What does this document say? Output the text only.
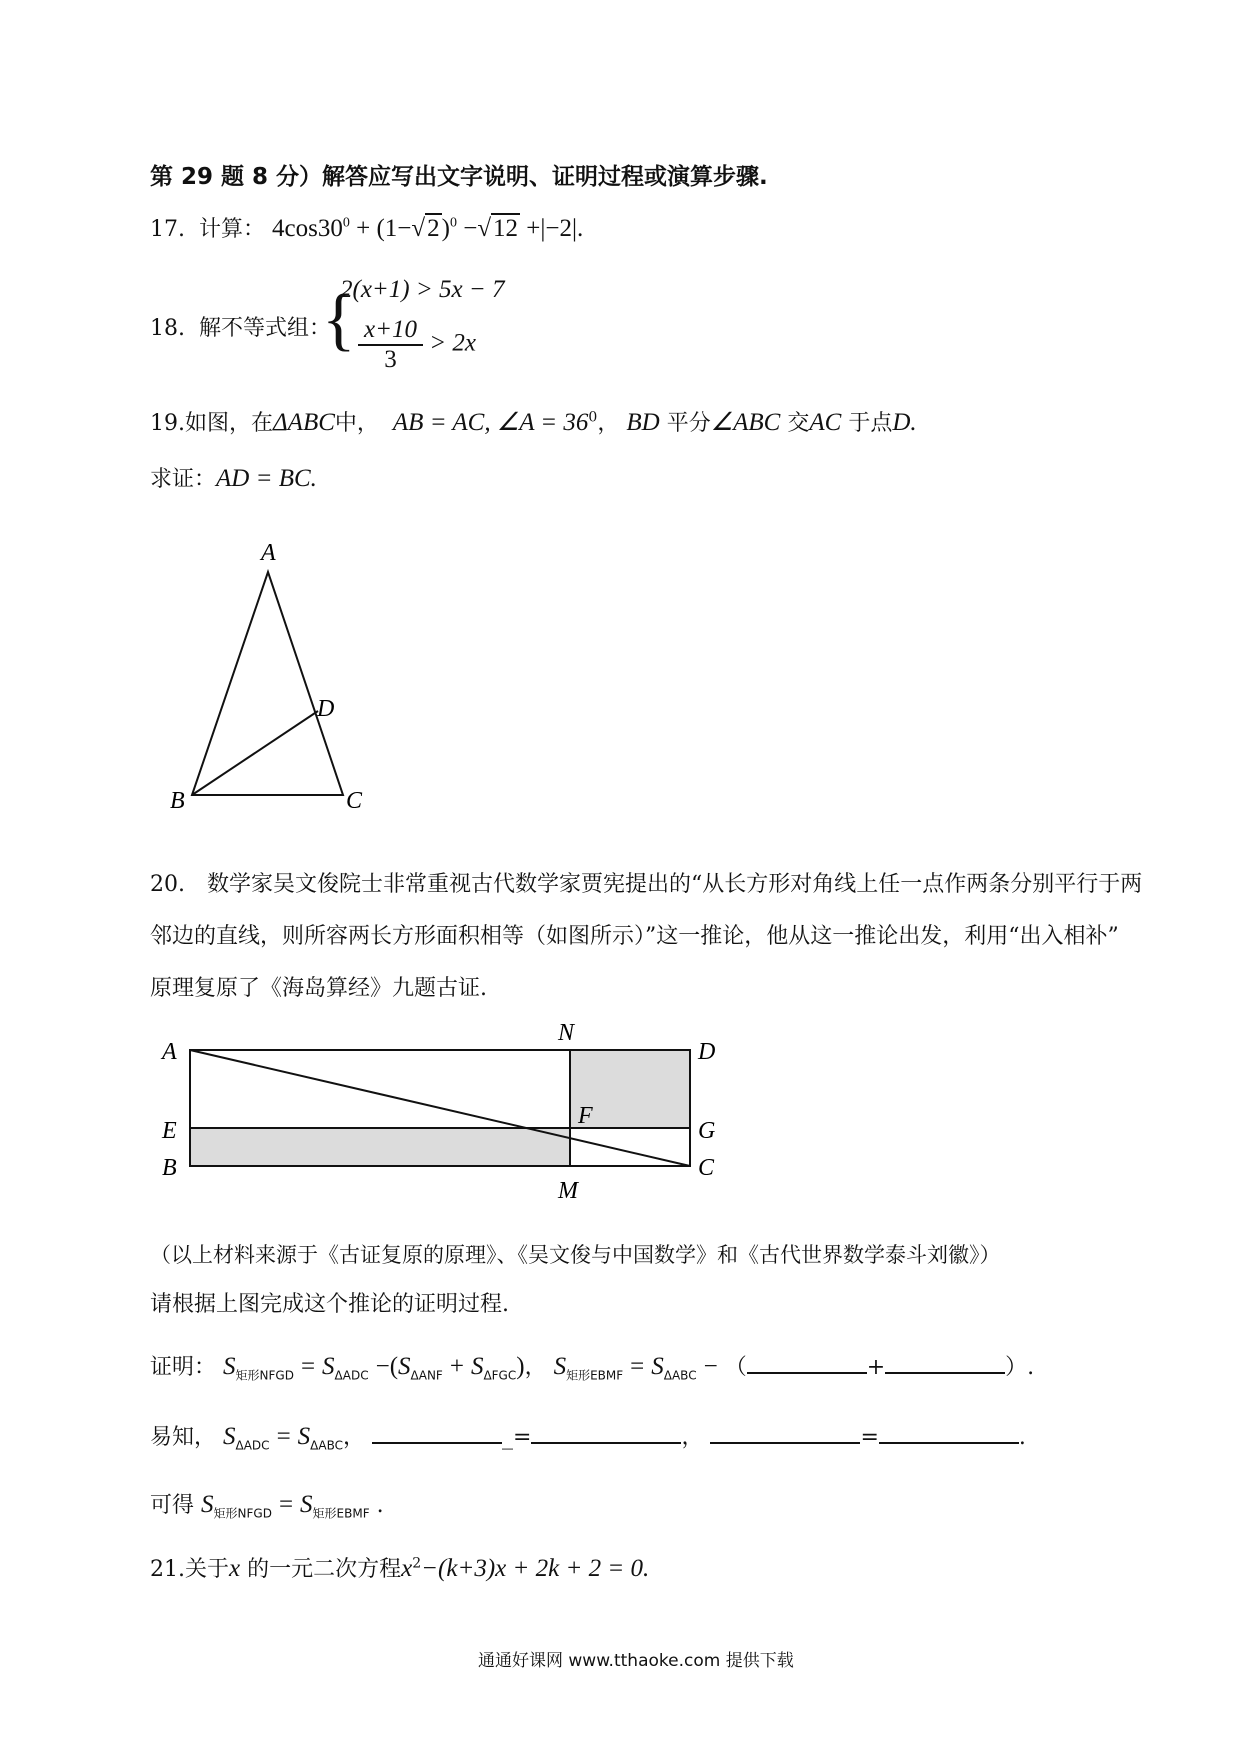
第 29 题 8 分）解答应写出文字说明、证明过程或演算步骤.
17. 计算： $4\cos 30^0 + (1-√2)^0 -√12 +|-2|$.
18. 解不等式组：
{
2(x+1) > 5x − 7
$\frac{x+10}{3} > 2x$
19.如图，在ΔABC中， AB = AC, ∠A = $36^0$， BD 平分∠ABC 交AC 于点D.
求证：AD = BC.
A
B	C
D
20.　数学家吴文俊院士非常重视古代数学家贾宪提出的“从长方形对角线上任一点作两条分别平行于两
邻边的直线，则所容两长方形面积相等（如图所示）”这一推论，他从这一推论出发，利用“出入相补”
原理复原了《海岛算经》九题古证.
A
N
D
E
F
G
B
M
C
（以上材料来源于《古证复原的原理》、《吴文俊与中国数学》和《古代世界数学泰斗刘徽》）
请根据上图完成这个推论的证明过程.
证明： $S_{矩形NFGD} = S_{\Delta ADC} -(S_{\Delta ANF} + S_{\Delta FGC})$， $S_{矩形EBMF} = S_{\Delta ABC}$ − （	+	）.
易知， $S_{\Delta ADC} = S_{\Delta ABC}$，	_=	，	=	.
可得 $S_{矩形NFGD} = S_{矩形EBMF}$ .
21.关于x 的一元二次方程$x^2-(k+3)x + 2k + 2 = 0$.
通通好课网 www.tthaoke.com 提供下载
